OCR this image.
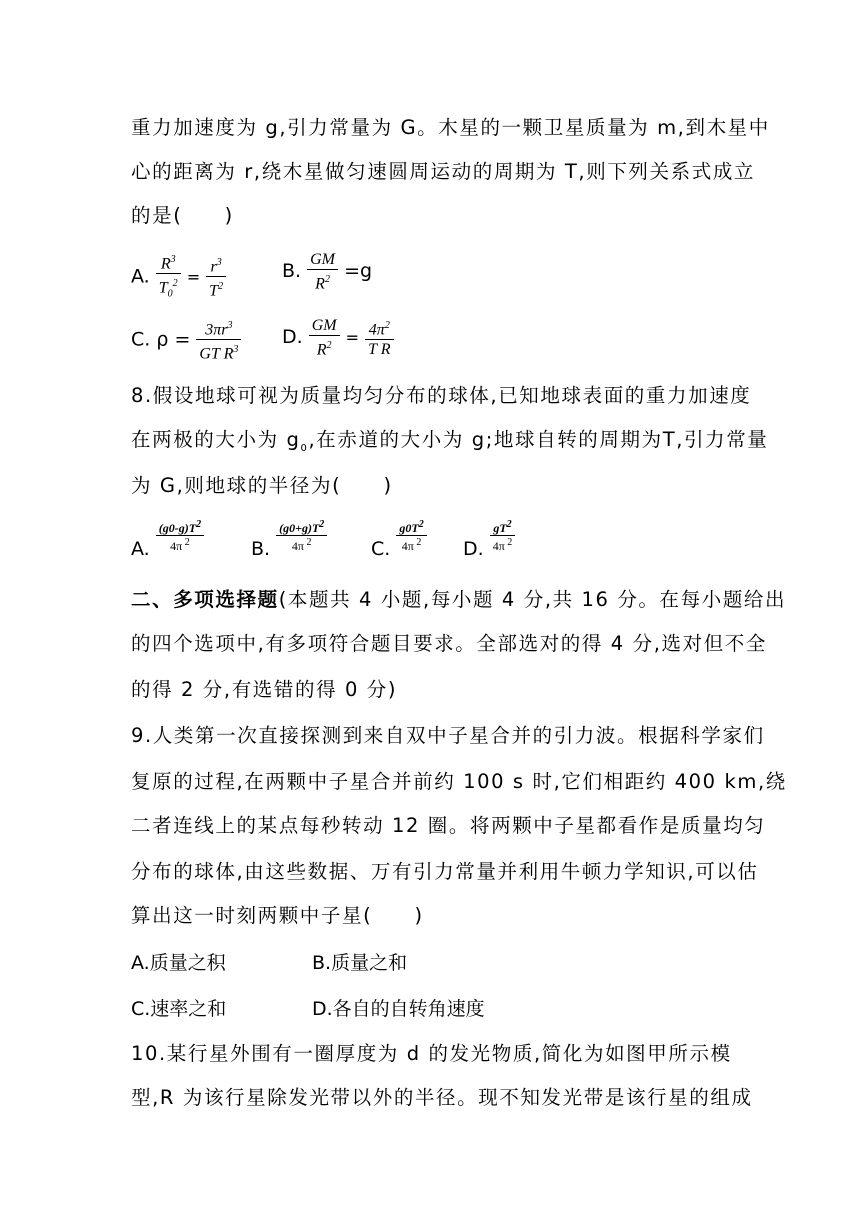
重力加速度为 g,引力常量为 G。木星的一颗卫星质量为 m,到木星中
心的距离为 r,绕木星做匀速圆周运动的周期为 T,则下列关系式成立
的是(　　)
A. $\frac{R^3}{T_0^2} = \frac{r^3}{T^2}$	B. $\frac{GM}{R^2} =g$
C. $\rho = \frac{3\pi r^3}{GT R^3} D$. $\frac{GM}{R^2} = \frac{4\pi^2}{\text{T R}}$
8.假设地球可视为质量均匀分布的球体,已知地球表面的重力加速度
在两极的大小为 $g_0$,在赤道的大小为 g;地球自转的周期为T,引力常量
为 G,则地球的半径为(　　)
A. $\frac{(g0-g)T^2}{4\pi ^2} B$. $\frac{(g0+g)T^2}{4\pi ^2} C$. $\frac{g0T^2}{4\pi ^2} D$. $\frac{gT^2}{4\pi ^2}$
二、多项选择题(本题共 4 小题,每小题 4 分,共 16 分。在每小题给出
的四个选项中,有多项符合题目要求。全部选对的得 4 分,选对但不全
的得 2 分,有选错的得 0 分)
9.人类第一次直接探测到来自双中子星合并的引力波。根据科学家们
复原的过程,在两颗中子星合并前约 100 s 时,它们相距约 400 km,绕
二者连线上的某点每秒转动 12 圈。将两颗中子星都看作是质量均匀
分布的球体,由这些数据、万有引力常量并利用牛顿力学知识,可以估
算出这一时刻两颗中子星(　　)
A.质量之积	B.质量之和
C.速率之和	D.各自的自转角速度
10.某行星外围有一圈厚度为 d 的发光物质,简化为如图甲所示模
型,R 为该行星除发光带以外的半径。现不知发光带是该行星的组成
